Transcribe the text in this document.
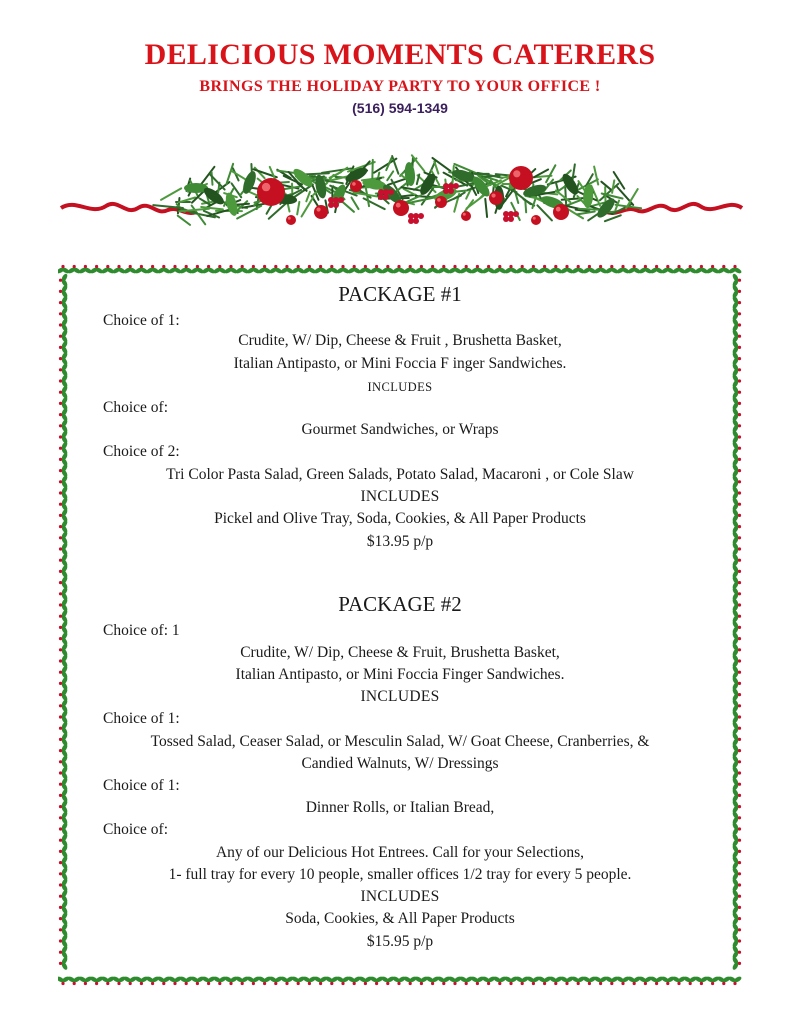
DELICIOUS MOMENTS CATERERS
BRINGS THE HOLIDAY PARTY TO YOUR OFFICE !
(516) 594-1349
PACKAGE #1
Choice of 1:
Crudite, W/ Dip, Cheese & Fruit , Brushetta Basket,
Italian Antipasto, or Mini Foccia F inger Sandwiches.
INCLUDES
Choice of:
Gourmet Sandwiches, or Wraps
Choice of 2:
Tri Color Pasta Salad, Green Salads, Potato Salad, Macaroni , or Cole Slaw
INCLUDES
Pickel and Olive Tray, Soda, Cookies, & All Paper Products
$13.95 p/p
PACKAGE #2
Choice of: 1
Crudite, W/ Dip, Cheese & Fruit, Brushetta Basket,
Italian Antipasto, or Mini Foccia Finger Sandwiches.
INCLUDES
Choice of 1:
Tossed Salad, Ceaser Salad, or Mesculin Salad, W/ Goat Cheese, Cranberries, &
Candied Walnuts, W/ Dressings
Choice of 1:
Dinner Rolls, or Italian Bread,
Choice of:
Any of our Delicious Hot Entrees. Call for your Selections,
1- full tray for every 10 people, smaller offices 1/2 tray for every 5 people.
INCLUDES
Soda, Cookies, & All Paper Products
$15.95 p/p
